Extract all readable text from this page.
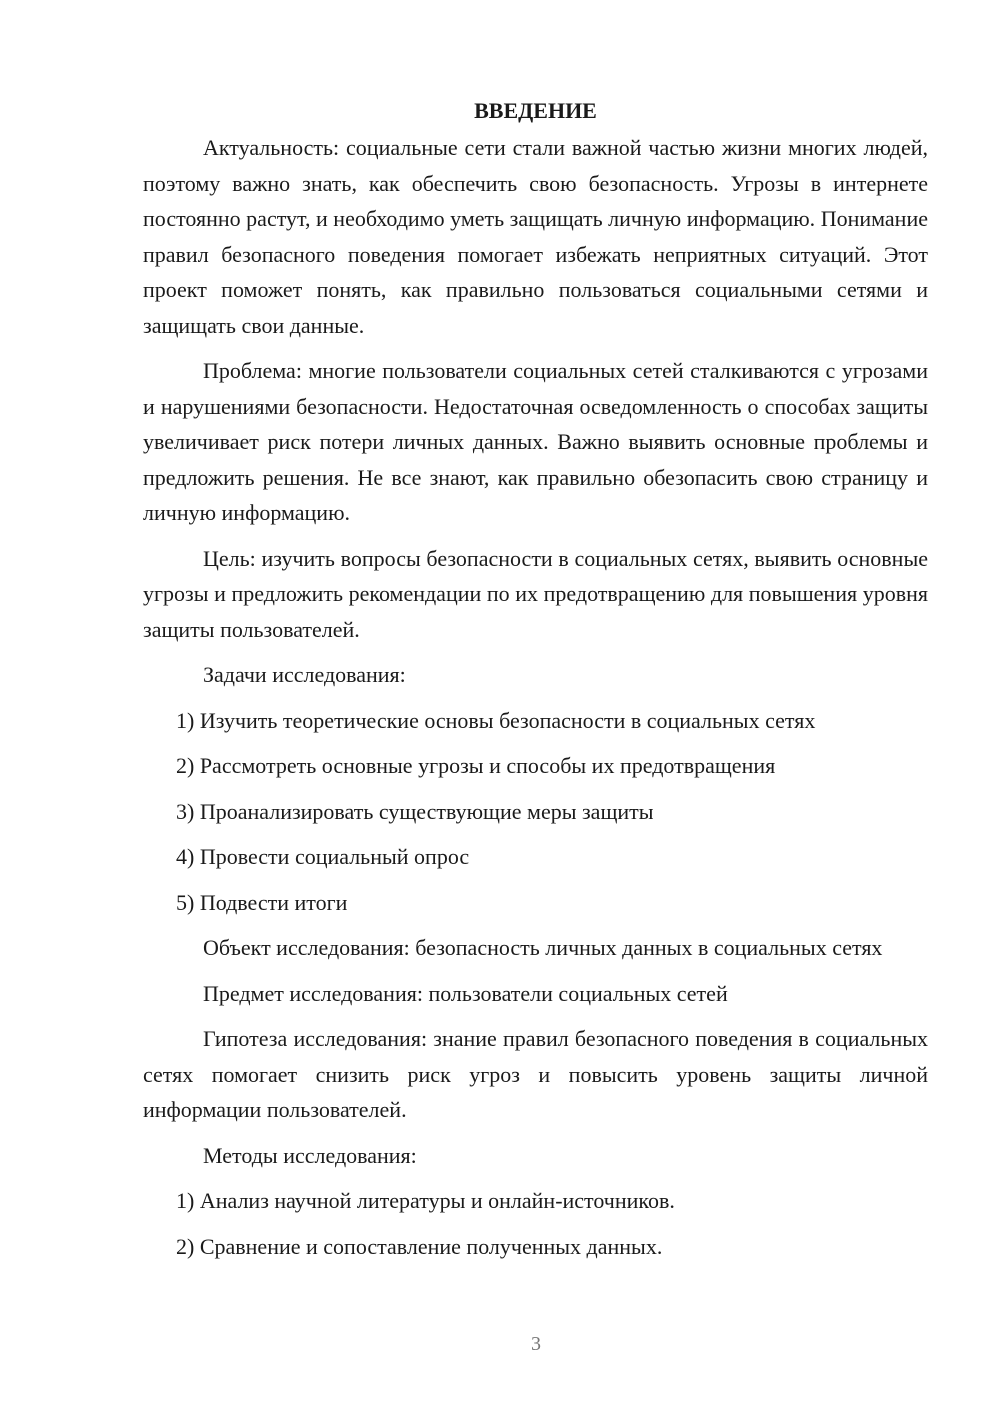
ВВЕДЕНИЕ

Актуальность: социальные сети стали важной частью жизни многих людей, поэтому важно знать, как обеспечить свою безопасность. Угрозы в интернете постоянно растут, и необходимо уметь защищать личную информацию. Понимание правил безопасного поведения помогает избежать неприятных ситуаций. Этот проект поможет понять, как правильно пользоваться социальными сетями и защищать свои данные.

Проблема: многие пользователи социальных сетей сталкиваются с угрозами и нарушениями безопасности. Недостаточная осведомленность о способах защиты увеличивает риск потери личных данных. Важно выявить основные проблемы и предложить решения. Не все знают, как правильно обезопасить свою страницу и личную информацию.

Цель: изучить вопросы безопасности в социальных сетях, выявить основные угрозы и предложить рекомендации по их предотвращению для повышения уровня защиты пользователей.

Задачи исследования:

1) Изучить теоретические основы безопасности в социальных сетях
2) Рассмотреть основные угрозы и способы их предотвращения
3) Проанализировать существующие меры защиты
4) Провести социальный опрос
5) Подвести итоги

Объект исследования: безопасность личных данных в социальных сетях

Предмет исследования: пользователи социальных сетей

Гипотеза исследования: знание правил безопасного поведения в социальных сетях помогает снизить риск угроз и повысить уровень защиты личной информации пользователей.

Методы исследования:

1) Анализ научной литературы и онлайн-источников.
2) Сравнение и сопоставление полученных данных.
3
